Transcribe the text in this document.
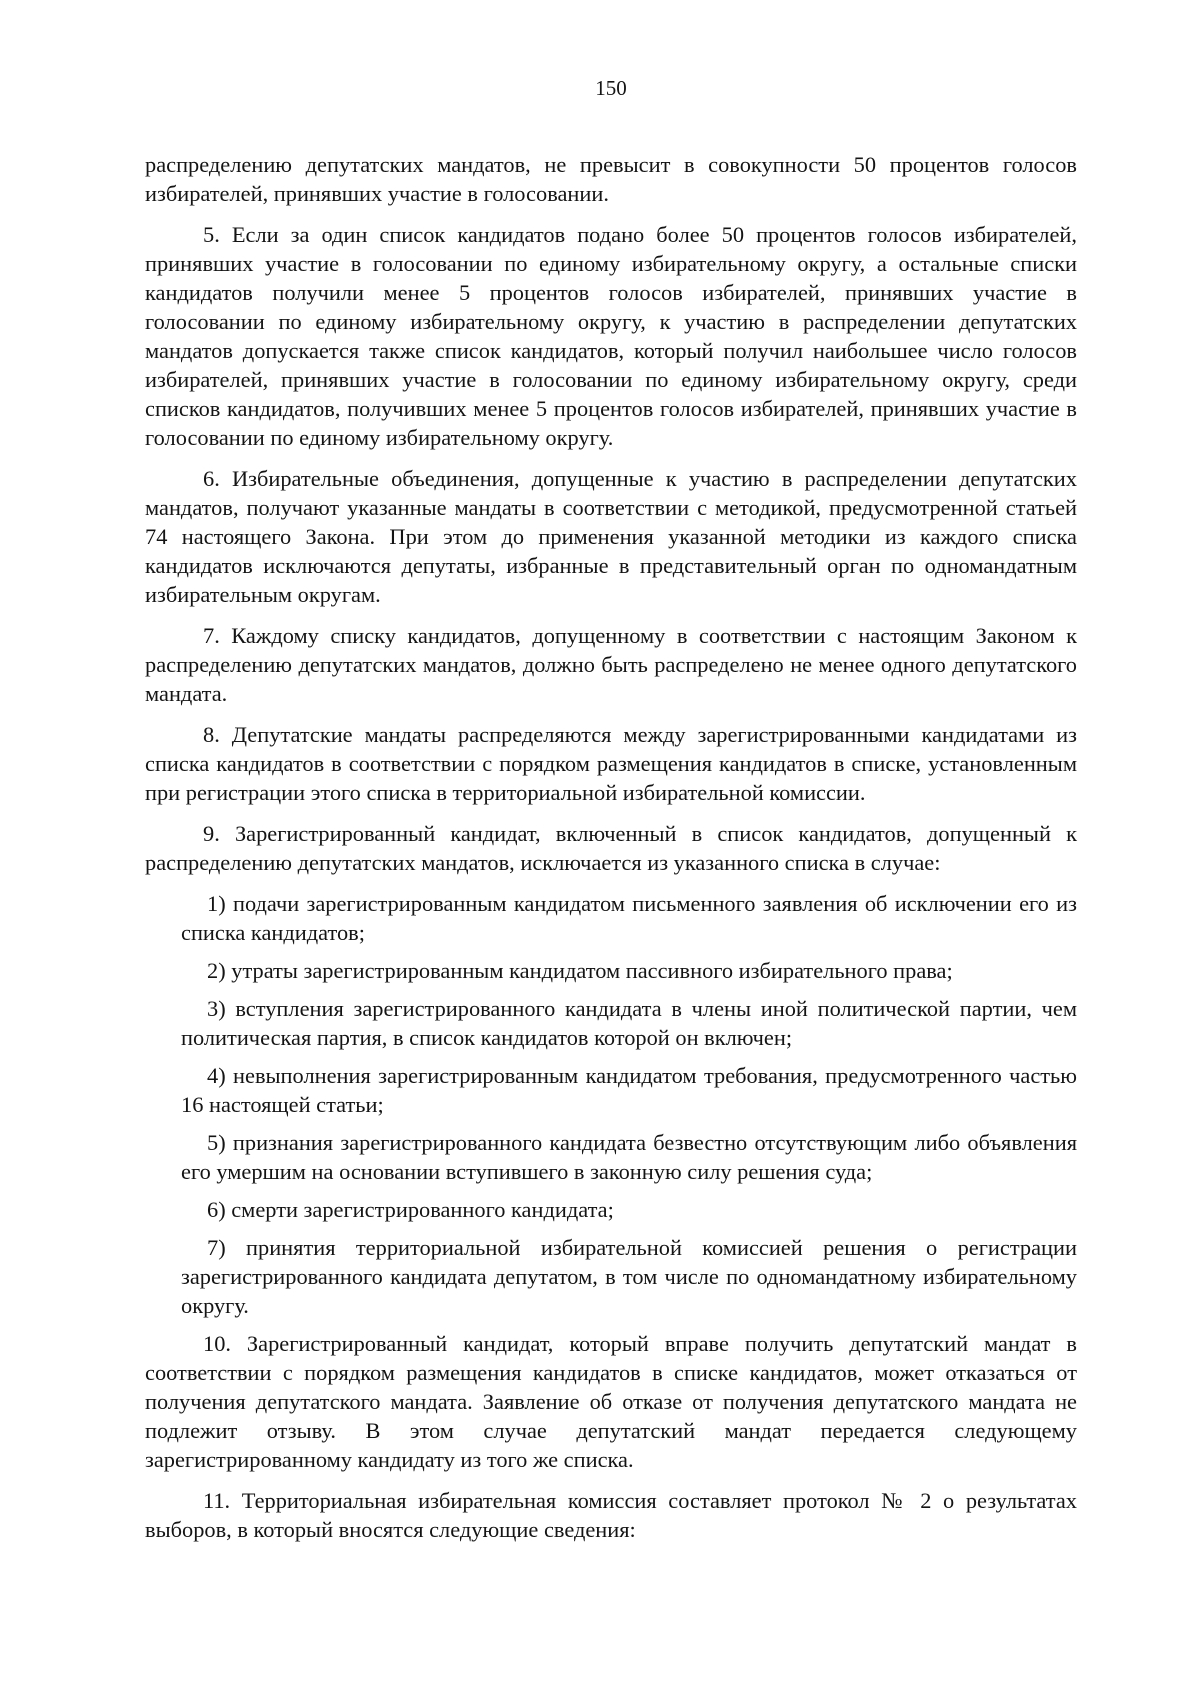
150

распределению депутатских мандатов, не превысит в совокупности 50 процентов голосов избирателей, принявших участие в голосовании.

5. Если за один список кандидатов подано более 50 процентов голосов избирателей, принявших участие в голосовании по единому избирательному округу, а остальные списки кандидатов получили менее 5 процентов голосов избирателей, принявших участие в голосовании по единому избирательному округу, к участию в распределении депутатских мандатов допускается также список кандидатов, который получил наибольшее число голосов избирателей, принявших участие в голосовании по единому избирательному округу, среди списков кандидатов, получивших менее 5 процентов голосов избирателей, принявших участие в голосовании по единому избирательному округу.

6. Избирательные объединения, допущенные к участию в распределении депутатских мандатов, получают указанные мандаты в соответствии с методикой, предусмотренной статьей 74 настоящего Закона. При этом до применения указанной методики из каждого списка кандидатов исключаются депутаты, избранные в представительный орган по одномандатным избирательным округам.

7. Каждому списку кандидатов, допущенному в соответствии с настоящим Законом к распределению депутатских мандатов, должно быть распределено не менее одного депутатского мандата.

8. Депутатские мандаты распределяются между зарегистрированными кандидатами из списка кандидатов в соответствии с порядком размещения кандидатов в списке, установленным при регистрации этого списка в территориальной избирательной комиссии.

9. Зарегистрированный кандидат, включенный в список кандидатов, допущенный к распределению депутатских мандатов, исключается из указанного списка в случае:

1) подачи зарегистрированным кандидатом письменного заявления об исключении его из списка кандидатов;

2) утраты зарегистрированным кандидатом пассивного избирательного права;

3) вступления зарегистрированного кандидата в члены иной политической партии, чем политическая партия, в список кандидатов которой он включен;

4) невыполнения зарегистрированным кандидатом требования, предусмотренного частью 16 настоящей статьи;

5) признания зарегистрированного кандидата безвестно отсутствующим либо объявления его умершим на основании вступившего в законную силу решения суда;

6) смерти зарегистрированного кандидата;

7) принятия территориальной избирательной комиссией решения о регистрации зарегистрированного кандидата депутатом, в том числе по одномандатному избирательному округу.

10. Зарегистрированный кандидат, который вправе получить депутатский мандат в соответствии с порядком размещения кандидатов в списке кандидатов, может отказаться от получения депутатского мандата. Заявление об отказе от получения депутатского мандата не подлежит отзыву. В этом случае депутатский мандат передается следующему зарегистрированному кандидату из того же списка.

11. Территориальная избирательная комиссия составляет протокол № 2 о результатах выборов, в который вносятся следующие сведения:
